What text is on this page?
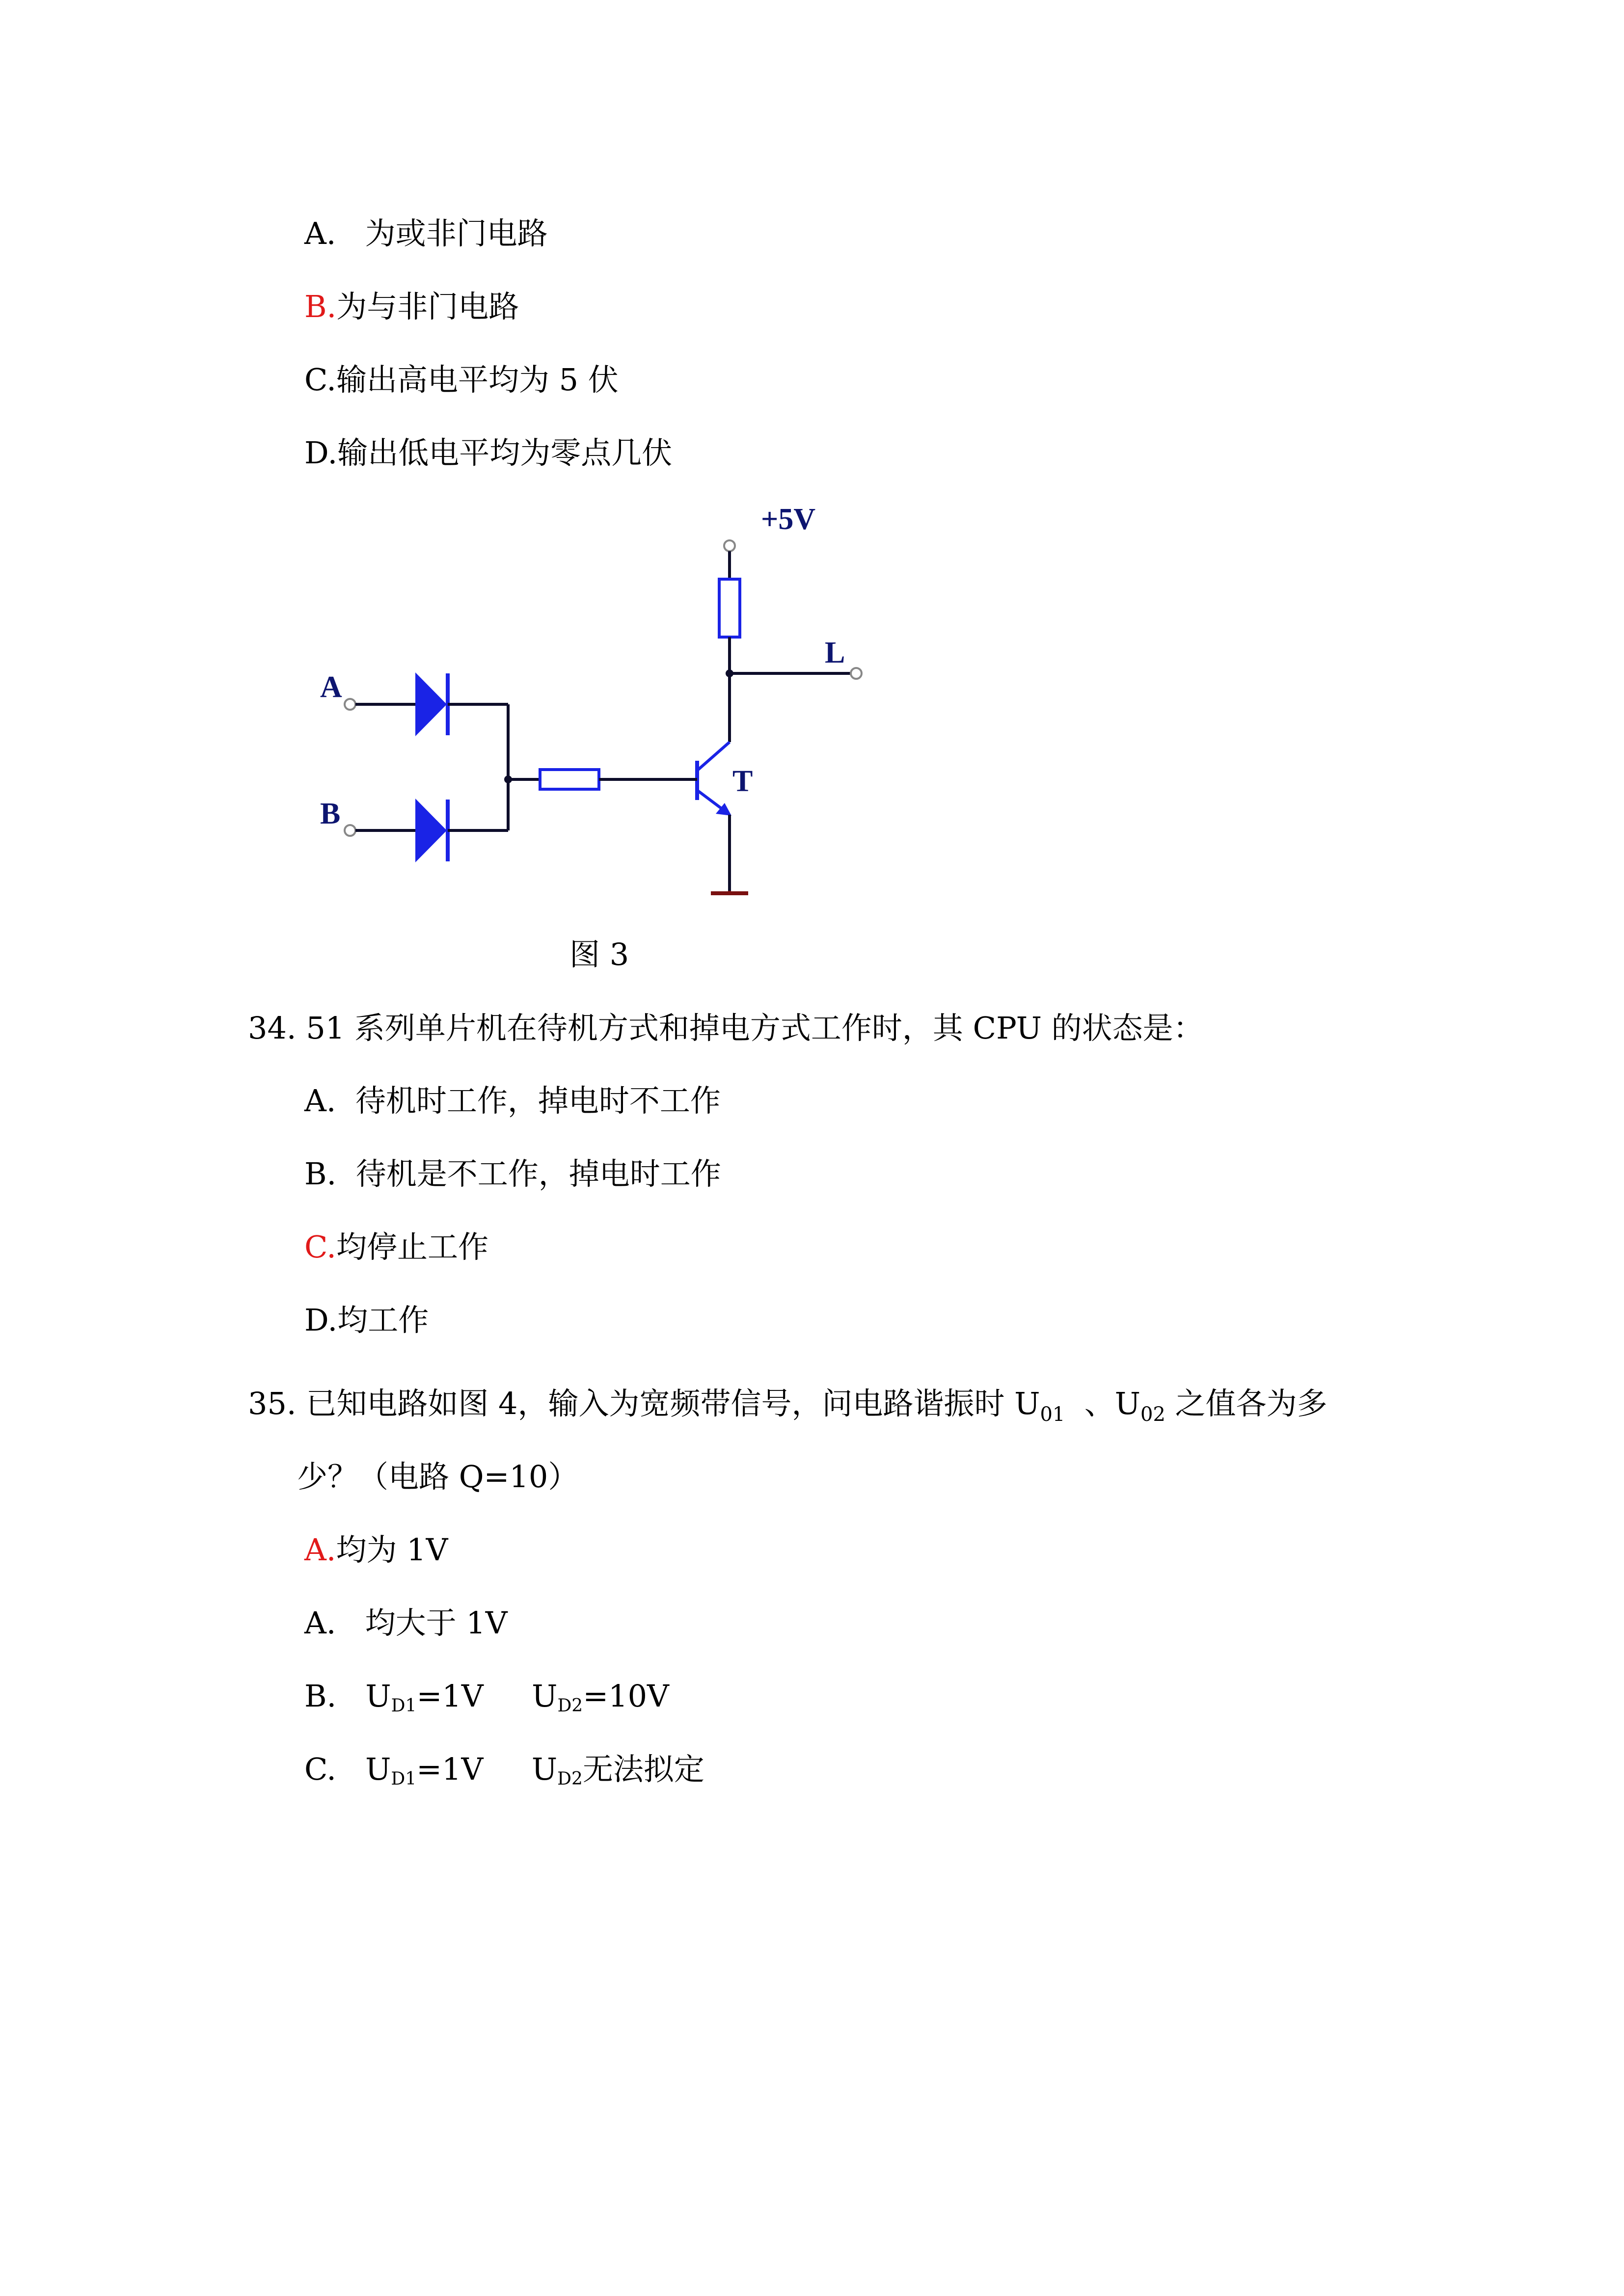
A. 为或非门电路
B.为与非门电路
C.输出高电平均为 5 伏
D.输出低电平均为零点几伏
+5V
L
A
B
T
图 3
34. 51 系列单片机在待机方式和掉电方式工作时，其 CPU 的状态是：
A. 待机时工作，掉电时不工作
B. 待机是不工作，掉电时工作
C.均停止工作
D.均工作
35. 已知电路如图 4，输入为宽频带信号，问电路谐振时 $U_{01}$  、$U_{02}$ 之值各为多
少？（电路 Q=10）
A.均为 1V
A. 均大于 1V
B. UD1=1V UD2=10V
C. UD1=1V UD2无法拟定
